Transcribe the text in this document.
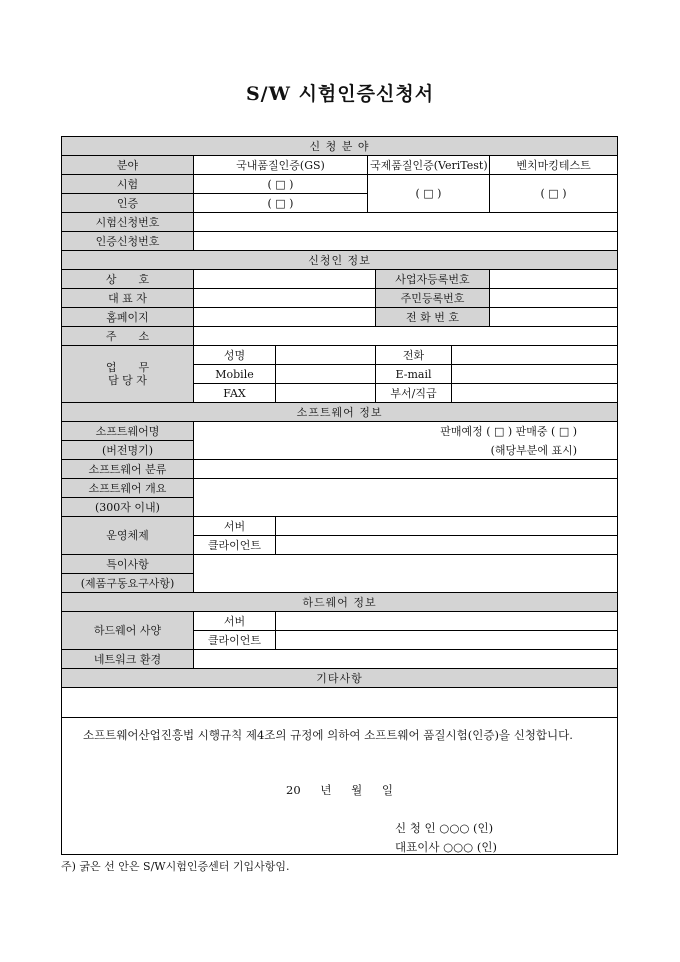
S/W 시험인증신청서
신 청 분 야						
분야	국내품질인증(GS)		국제품질인증(VeriTest)			벤치마킹테스트
시험	( □ )		( □ )			( □ )
인증	( □ )					
시험신청번호						
인증신청번호						
신청인 정보						
상　　호				사업자등록번호		
대 표 자				주민등록번호		
홈페이지				전 화 번 호		
주　　소						

업　　무
담 당 자	성명			전화		
	Mobile			E-mail		
	FAX			부서/직급		
소프트웨어 정보						
소프트웨어명	판매예정 ( □ ) 판매중 ( □ )
(해당부분에 표시)					

(버전명기)						
소프트웨어 분류						
소프트웨어 개요						
(300자 이내)						
운영체제	서버					
	클라이언트					
특이사항						
(제품구동요구사항)						
하드웨어 정보						
하드웨어 사양	서버					
	클라이언트					
네트워크 환경						
기타사항						

소프트웨어산업진흥법 시행규칙 제4조의 규정에 의하여 소프트웨어 품질시험(인증)을 신청합니다.
20 년 월 일
신 청 인 ○○○ (인)
대표이사 ○○○ (인)						
주) 굵은 선 안은 S/W시험인증센터 기입사항임.
